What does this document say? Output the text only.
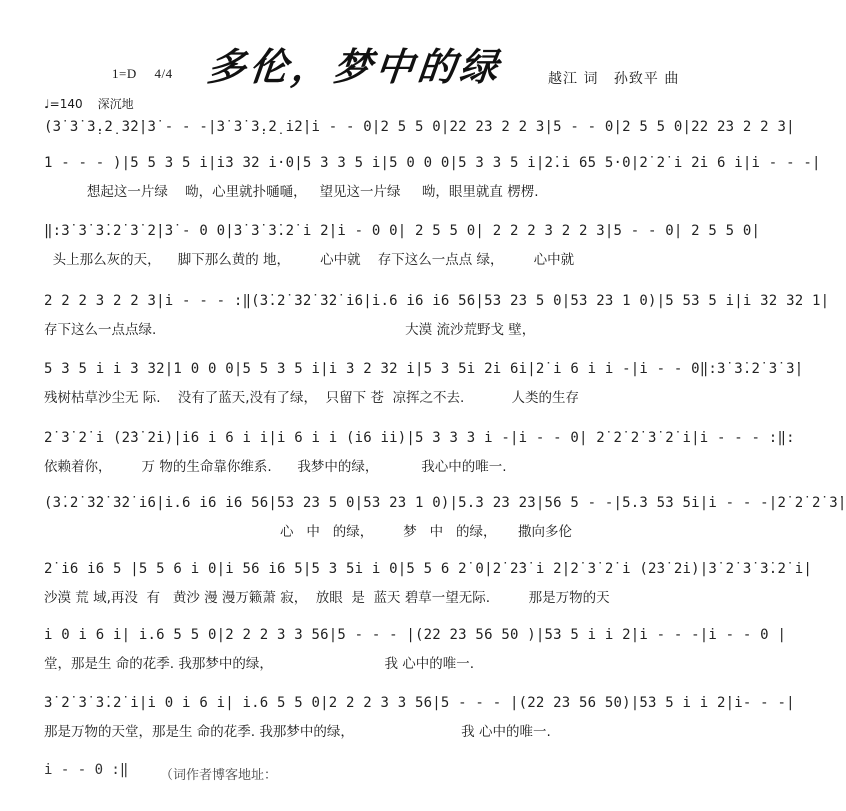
1=D 4/4 多伦，梦中的绿	越江 词 孙致平 曲
♩=140 深沉地
(3̇ 3̇ 3̣.2̣ 3̇2̇|3̇ - - -|3̇ 3̇ 3̣.2̣ i̇2̇|i̇ - - 0|2 5 5 0|22 23 2 2 3|5 - - 0|2 5 5 0|22 23 2 2 3|
1 - - - )|5 5 3 5 i̇|i̇3 32 i̇·0|5 3 3 5 i̇|5 0 0 0|5 3 3 5 i̇|2̇.i̇ 65 5·0|2̇ 2̇ i̇ 2̇i̇ 6 i̇|i̇ - - -|
想起这一片绿    呦，心里就扑嗵嗵，   望见这一片绿     呦，眼里就直 楞楞.
‖:3̇ 3̇ 3̇.2̇ 3̇ 2̇|3̇ - 0 0|3̇ 3̇ 3̇.2̇ i̇ 2̇|i̇ - 0 0| 2 5 5 0| 2 2 2 3 2 2 3|5 - - 0| 2 5 5 0|
头上那么灰的天，    脚下那么黄的 地，       心中就    存下这么一点点 绿，       心中就
2 2 2 3 2 2 3|i̇ - - - :‖(3̇.2̇ 3̇2̇ 3̇2̇ i̇6|i̇.6 i̇6 i̇6 56|53 23 5 0|53 23 1 0)|5 53 5 i̇|i̇ 32 32 1|
存下这么一点点绿.                                                          大漠 流沙荒野戈 壁，
5 3 5 i̇ i̇ 3 32|1 0 0 0|5 5 3 5 i̇|i̇ 3 2 32 i̇|5 3 5i̇ 2̇i̇ 6i̇|2̇ i̇ 6 i̇ i̇ -|i̇ - - 0‖:3̇ 3̇.2̇ 3̇ 3̇|
残树枯草沙尘无 际.    没有了蓝天,没有了绿，  只留下 苍  凉挥之不去.           人类的生存
2̇ 3̇ 2̇ i̇ (2̇3̇ 2̇i̇)|i̇6 i̇ 6 i̇ i̇|i̇ 6 i̇ i̇ (i̇6 i̇i̇)|5 3 3 3 i̇ -|i̇ - - 0| 2̇ 2̇ 2̇ 3̇ 2̇ i̇|i̇ - - - :‖:
依赖着你，       万 物的生命靠你维系.      我梦中的绿，          我心中的唯一.
(3̇.2̇ 3̇2̇ 3̇2̇ i̇6|i̇.6 i̇6 i̇6 56|53 23 5 0|53 23 1 0)|5.3 23 23|56 5 - -|5.3 53 5i̇|i̇ - - -|2̇ 2̇ 2̇ 3̇|
心   中   的绿，       梦   中   的绿，     撒向多伦
2̇ i̇6 i̇6 5 |5 5 6 i̇ 0|i̇ 56 i̇6 5|5 3 5i̇ i̇ 0|5 5 6 2̇ 0|2̇ 2̇3̇ i̇ 2̇|2̇ 3̇ 2̇ i̇ (2̇3̇ 2̇i̇)|3̇ 2̇ 3̇ 3̇.2̇ i̇|
沙漠 荒 域,再没  有   黄沙 漫 漫万籁萧 寂，  放眼  是  蓝天 碧草一望无际.         那是万物的天
i̇ 0 i̇ 6 i̇| i̇.6 5 5 0|2 2 2 3 3 56|5 - - - |(22 23 56 50 )|53 5 i̇ i̇ 2̇|i̇ - - -|i̇ - - 0 |
堂，那是生 命的花季. 我那梦中的绿，                          我 心中的唯一.
3̇ 2̇ 3̇ 3̇.2̇ i̇|i̇ 0 i̇ 6 i̇| i̇.6 5 5 0|2 2 2 3 3 56|5 - - - |(22 23 56 50)|53 5 i̇ i̇ 2̇|i̇- - -|
那是万物的天堂，那是生 命的花季. 我那梦中的绿，                         我 心中的唯一.
i̇ - - 0 :‖ （词作者博客地址：
